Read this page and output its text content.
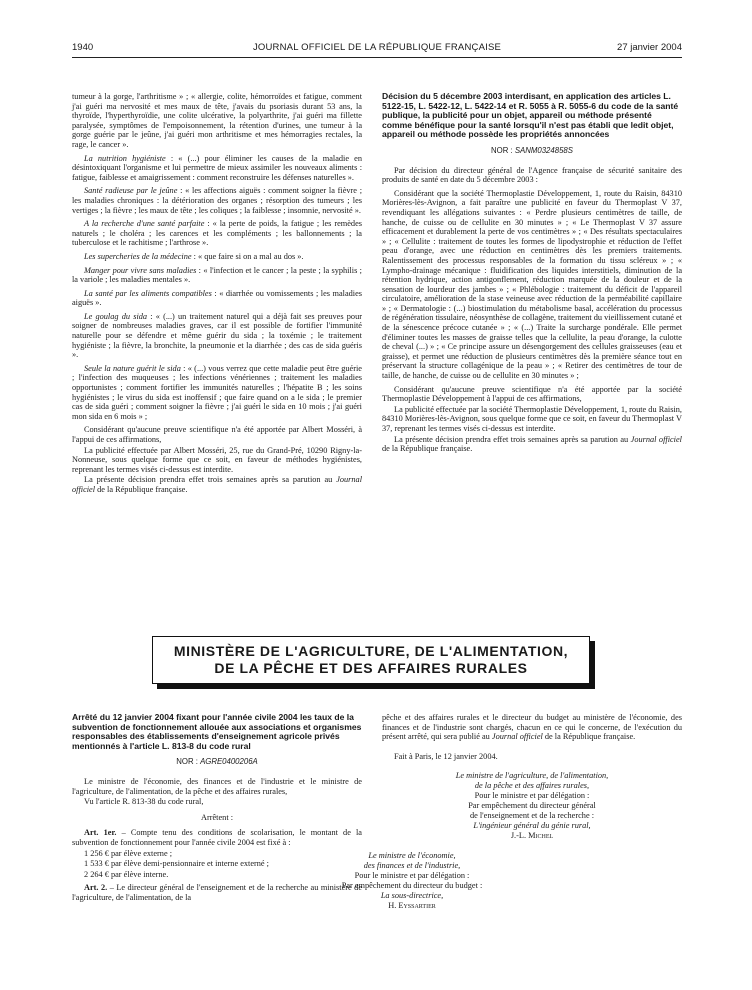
1940	JOURNAL OFFICIEL DE LA RÉPUBLIQUE FRANÇAISE	27 janvier 2004

tumeur à la gorge, l'arthritisme » ; « allergie, colite, hémorroïdes et fatigue, comment j'ai guéri ma nervosité et mes maux de tête, j'avais du psoriasis durant 53 ans, la thyroïde, l'hyperthyroïdie, une colite ulcérative, la polyarthrite, j'ai guéri ma fillette paralysée, symptômes de l'empoisonnement, la rétention d'urines, une tumeur à la gorge guérie par le jeûne, j'ai guéri mon arthritisme et mes hémorragies rectales, la rage, le cancer ».

La nutrition hygiéniste : « (...) pour éliminer les causes de la maladie en désintoxiquant l'organisme et lui permettre de mieux assimiler les nouveaux aliments : fatigue, faiblesse et amaigrissement : comment reconstruire les défenses naturelles ».

Santé radieuse par le jeûne : « les affections aiguës : comment soigner la fièvre ; les maladies chroniques : la détérioration des organes ; résorption des tumeurs ; les vertiges ; la fièvre ; les maux de tête ; les coliques ; la faiblesse ; insomnie, nervosité ».

A la recherche d'une santé parfaite : « la perte de poids, la fatigue ; les remèdes naturels ; le choléra ; les carences et les compléments ; les ballonnements ; la tuberculose et le rachitisme ; l'arthrose ».

Les supercheries de la médecine : « que faire si on a mal au dos ».

Manger pour vivre sans maladies : « l'infection et le cancer ; la peste ; la syphilis ; la variole ; les maladies mentales ».

La santé par les aliments compatibles : « diarrhée ou vomissements ; les maladies aiguës ».

Le goulag du sida : « (...) un traitement naturel qui a déjà fait ses preuves pour soigner de nombreuses maladies graves, car il est possible de fortifier l'immunité naturelle pour se défendre et même guérir du sida ; la toxémie ; le traitement hygiéniste ; la fièvre, la bronchite, la pneumonie et la diarrhée ; des cas de sida guéris ».

Seule la nature guérit le sida : « (...) vous verrez que cette maladie peut être guérie ; l'infection des muqueuses ; les infections vénériennes ; traitement les maladies opportunistes ; comment fortifier les immunités naturelles ; l'hépatite B ; les soins hygiénistes ; le virus du sida est inoffensif ; que faire quand on a le sida ; le premier cas de sida guéri ; comment soigner la fièvre ; j'ai guéri le sida en 10 mois ; j'ai guéri mon sida en 6 mois » ;

Considérant qu'aucune preuve scientifique n'a été apportée par Albert Mosséri, à l'appui de ces affirmations,

La publicité effectuée par Albert Mosséri, 25, rue du Grand-Pré, 10290 Rigny-la-Nonneuse, sous quelque forme que ce soit, en faveur de méthodes hygiénistes, reprenant les termes visés ci-dessus est interdite.

La présente décision prendra effet trois semaines après sa parution au Journal officiel de la République française.

Décision du 5 décembre 2003 interdisant, en application des articles L. 5122-15, L. 5422-12, L. 5422-14 et R. 5055 à R. 5055-6 du code de la santé publique, la publicité pour un objet, appareil ou méthode présenté comme bénéfique pour la santé lorsqu'il n'est pas établi que ledit objet, appareil ou méthode possède les propriétés annoncées
NOR : SANM0324858S

Par décision du directeur général de l'Agence française de sécurité sanitaire des produits de santé en date du 5 décembre 2003 :

Considérant que la société Thermoplastie Développement, 1, route du Raisin, 84310 Morières-lès-Avignon, a fait paraître une publicité en faveur du Thermoplast V 37, revendiquant les allégations suivantes : « Perdre plusieurs centimètres de taille, de hanche, de cuisse ou de cellulite en 30 minutes » ; « Le Thermoplast V 37 assure efficacement et durablement la perte de vos centimètres » ; « Des résultats spectaculaires » ; « Cellulite : traitement de toutes les formes de lipodystrophie et réduction de l'effet peau d'orange, avec une réduction en centimètres dès les premiers traitements. Ralentissement des processus responsables de la formation du tissu scléreux » ; « Lympho-drainage mécanique : fluidification des liquides interstitiels, diminution de la rétention hydrique, action antigonflement, réduction marquée de la douleur et de la sensation de lourdeur des jambes » ; « Phlébologie : traitement du déficit de l'appareil circulatoire, amélioration de la stase veineuse avec réduction de la perméabilité capillaire » ; « Dermatologie : (...) biostimulation du métabolisme basal, accélération du processus de régénération tissulaire, néosynthèse de collagène, traitement du vieillissement cutané et de la sénescence précoce cutanée » ; « (...) Traite la surcharge pondérale. Elle permet d'éliminer toutes les masses de graisse telles que la cellulite, la peau d'orange, la culotte de cheval (...) » ; « Ce principe assure un désengorgement des cellules graisseuses (eau et graisse), et permet une réduction de plusieurs centimètres dès la première séance tout en préservant la structure collagénique de la peau » ; « Retirer des centimètres de tour de taille, de hanche, de cuisse ou de cellulite en 30 minutes » ;

Considérant qu'aucune preuve scientifique n'a été apportée par la société Thermoplastie Développement à l'appui de ces affirmations,

La publicité effectuée par la société Thermoplastie Développement, 1, route du Raisin, 84310 Morières-lès-Avignon, sous quelque forme que ce soit, en faveur du Thermoplast V 37, reprenant les termes visés ci-dessus est interdite.

La présente décision prendra effet trois semaines après sa parution au Journal officiel de la République française.

MINISTÈRE DE L'AGRICULTURE, DE L'ALIMENTATION,
DE LA PÊCHE ET DES AFFAIRES RURALES
Arrêté du 12 janvier 2004 fixant pour l'année civile 2004 les taux de la subvention de fonctionnement allouée aux associations et organismes responsables des établissements d'enseignement agricole privés mentionnés à l'article L. 813-8 du code rural
NOR : AGRE0400206A

Le ministre de l'économie, des finances et de l'industrie et le ministre de l'agriculture, de l'alimentation, de la pêche et des affaires rurales,

Vu l'article R. 813-38 du code rural,

Arrêtent :

Art. 1er. – Compte tenu des conditions de scolarisation, le montant de la subvention de fonctionnement pour l'année civile 2004 est fixé à :

1 256 € par élève externe ;

1 533 € par élève demi-pensionnaire et interne externé ;

2 264 € par élève interne.

Art. 2. – Le directeur général de l'enseignement et de la recherche au ministère de l'agriculture, de l'alimentation, de la

pêche et des affaires rurales et le directeur du budget au ministère de l'économie, des finances et de l'industrie sont chargés, chacun en ce qui le concerne, de l'exécution du présent arrêté, qui sera publié au Journal officiel de la République française.

Fait à Paris, le 12 janvier 2004.

Le ministre de l'agriculture, de l'alimentation,
de la pêche et des affaires rurales,
Pour le ministre et par délégation :
Par empêchement du directeur général
de l'enseignement et de la recherche :
L'ingénieur général du génie rural,
J.-L. Michel
Le ministre de l'économie,
des finances et de l'industrie,
Pour le ministre et par délégation :
Par empêchement du directeur du budget :
La sous-directrice,
H. Eyssartier
